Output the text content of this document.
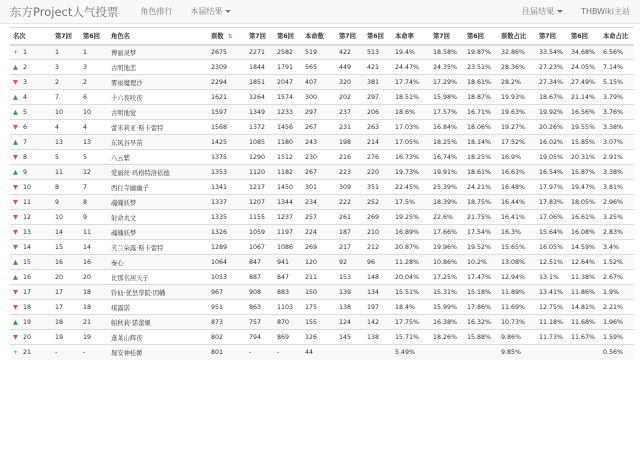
东方Project人气投票	角色排行 本届结果	往届结果	THBWiki主站
名次	第7回	第6回	角色名	票数 ⇅	第7回	第6回	本命数	第7回	第6回	本命率	第7回	第6回	票数占比	第7回	第6回	本命占比
+ 1	1	1	博丽灵梦	2675	2271	2582	519	422	513	19.4%	18.58%	19.87%	32.86%	33.54%	34.68%	6.56%
▲ 2	3	3	古明地恋	2309	1844	1791	565	449	421	24.47%	24.35%	23.51%	28.36%	27.23%	24.05%	7.14%
▼ 3	2	2	雾雨魔理沙	2294	1851	2047	407	320	381	17.74%	17.29%	18.61%	28.2%	27.34%	27.49%	5.15%
▲ 4	7	6	十六夜咲夜	1621	1264	1574	300	202	297	18.51%	15.98%	18.87%	19.93%	18.67%	21.14%	3.79%
▲ 5	10	10	古明地觉	1597	1349	1233	297	237	206	18.6%	17.57%	16.71%	19.63%	19.92%	16.56%	3.76%
▼ 6	4	4	蕾米莉亚·斯卡蕾特	1568	1372	1456	267	231	263	17.03%	16.84%	18.06%	19.27%	20.26%	19.55%	3.38%
▲ 7	13	13	东风谷早苗	1425	1085	1180	243	198	214	17.05%	18.25%	18.14%	17.52%	16.02%	15.85%	3.07%
▼ 8	5	5	八云紫	1375	1290	1512	230	216	276	16.73%	16.74%	18.25%	16.9%	19.05%	20.31%	2.91%
▲ 9	11	12	爱丽丝·玛格特洛依德	1353	1120	1182	267	223	220	19.73%	19.91%	18.61%	16.63%	16.54%	15.87%	3.38%
▼ 10	8	7	西行寺幽幽子	1341	1217	1450	301	309	351	22.45%	25.39%	24.21%	16.48%	17.97%	19.47%	3.81%
▼ 11	9	8	魂魄妖梦	1337	1207	1344	234	222	252	17.5%	18.39%	18.75%	16.44%	17.83%	18.05%	2.96%
▼ 12	10	9	射命丸文	1335	1155	1237	257	261	269	19.25%	22.6%	21.75%	16.41%	17.06%	16.61%	3.25%
▼ 13	14	11	魂魄妖梦	1326	1059	1197	224	187	210	16.89%	17.66%	17.54%	16.3%	15.64%	16.08%	2.83%
▼ 14	15	14	芙兰朵露·斯卡蕾特	1289	1067	1086	269	217	212	20.87%	19.96%	19.52%	15.65%	16.05%	14.59%	3.4%
▲ 15	16	16	秦心	1064	847	941	120	92	96	11.28%	10.86%	10.2%	13.08%	12.51%	12.64%	1.52%
▲ 16	20	20	比那名居天子	1053	887	847	211	153	148	20.04%	17.25%	17.47%	12.94%	13.1%	11.38%	2.67%
▼ 17	17	18	铃仙·优昙华院·因幡	967	908	883	150	139	134	15.51%	15.31%	15.18%	11.89%	13.41%	11.86%	1.9%
▼ 18	17	18	琪露诺	951	863	1103	175	138	197	18.4%	15.99%	17.86%	11.69%	12.75%	14.81%	2.21%
▲ 19	18	21	帕秋莉·诺蕾姬	873	757	870	155	124	142	17.75%	16.38%	16.32%	10.73%	11.18%	11.68%	1.96%
▼ 20	19	19	蓬莱山辉夜	802	794	869	126	145	138	15.71%	18.26%	15.88%	9.86%	11.73%	11.67%	1.59%
+ 21	-	-	堀安神桂姬	801	-	-	44			5.49%			9.85%			0.56%
